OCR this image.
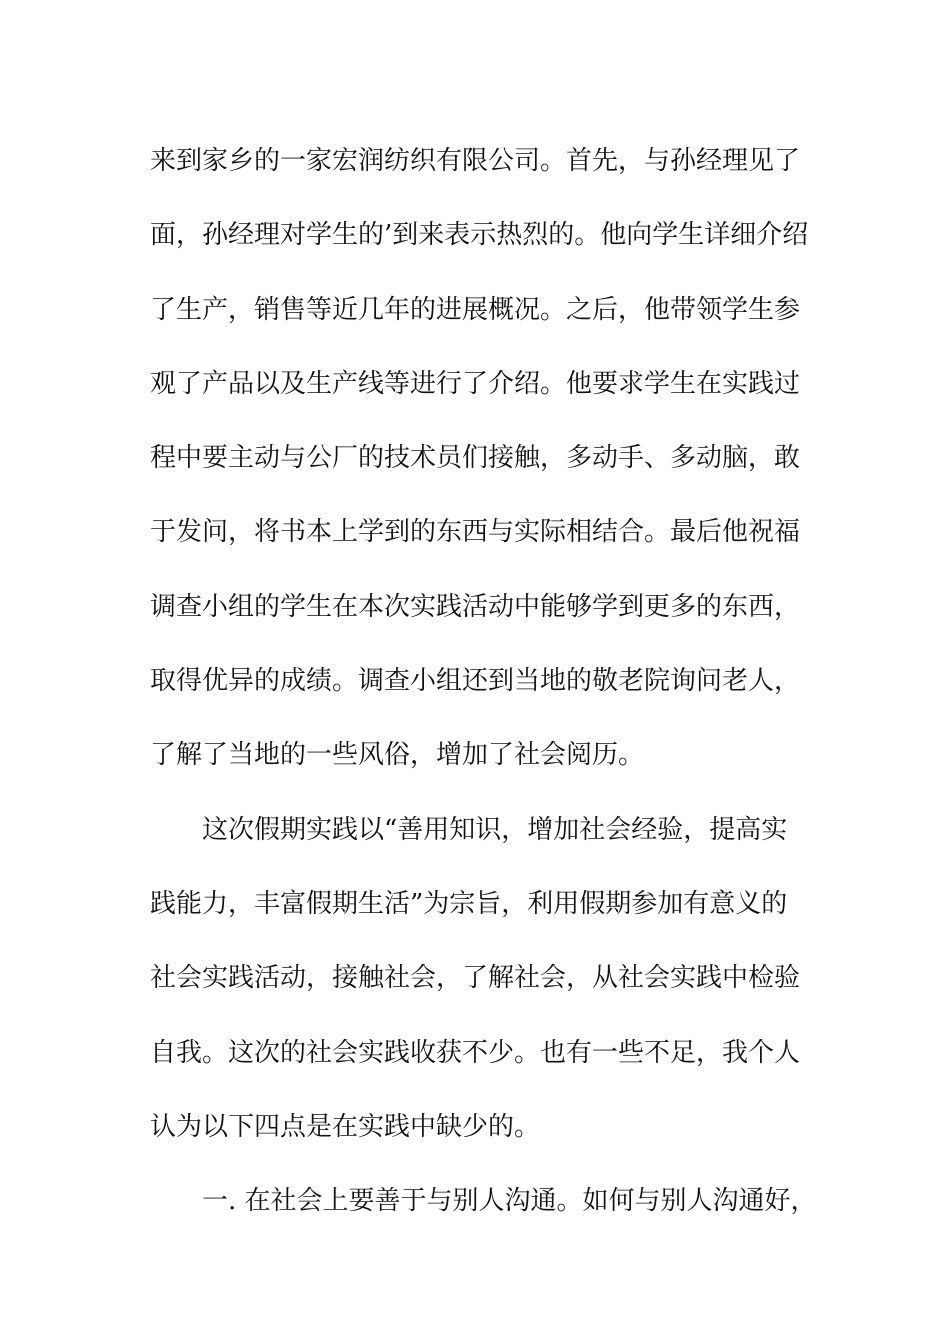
来到家乡的一家宏润纺织有限公司。首先，与孙经理见了
面，孙经理对学生的’到来表示热烈的。他向学生详细介绍
了生产，销售等近几年的进展概况。之后，他带领学生参
观了产品以及生产线等进行了介绍。他要求学生在实践过
程中要主动与公厂的技术员们接触，多动手、多动脑，敢
于发问，将书本上学到的东西与实际相结合。最后他祝福
调查小组的学生在本次实践活动中能够学到更多的东西，
取得优异的成绩。调查小组还到当地的敬老院询问老人，
了解了当地的一些风俗，增加了社会阅历。
　　这次假期实践以“善用知识，增加社会经验，提高实
践能力，丰富假期生活”为宗旨，利用假期参加有意义的
社会实践活动，接触社会，了解社会，从社会实践中检验
自我。这次的社会实践收获不少。也有一些不足，我个人
认为以下四点是在实践中缺少的。
　　一. 在社会上要善于与别人沟通。如何与别人沟通好，
